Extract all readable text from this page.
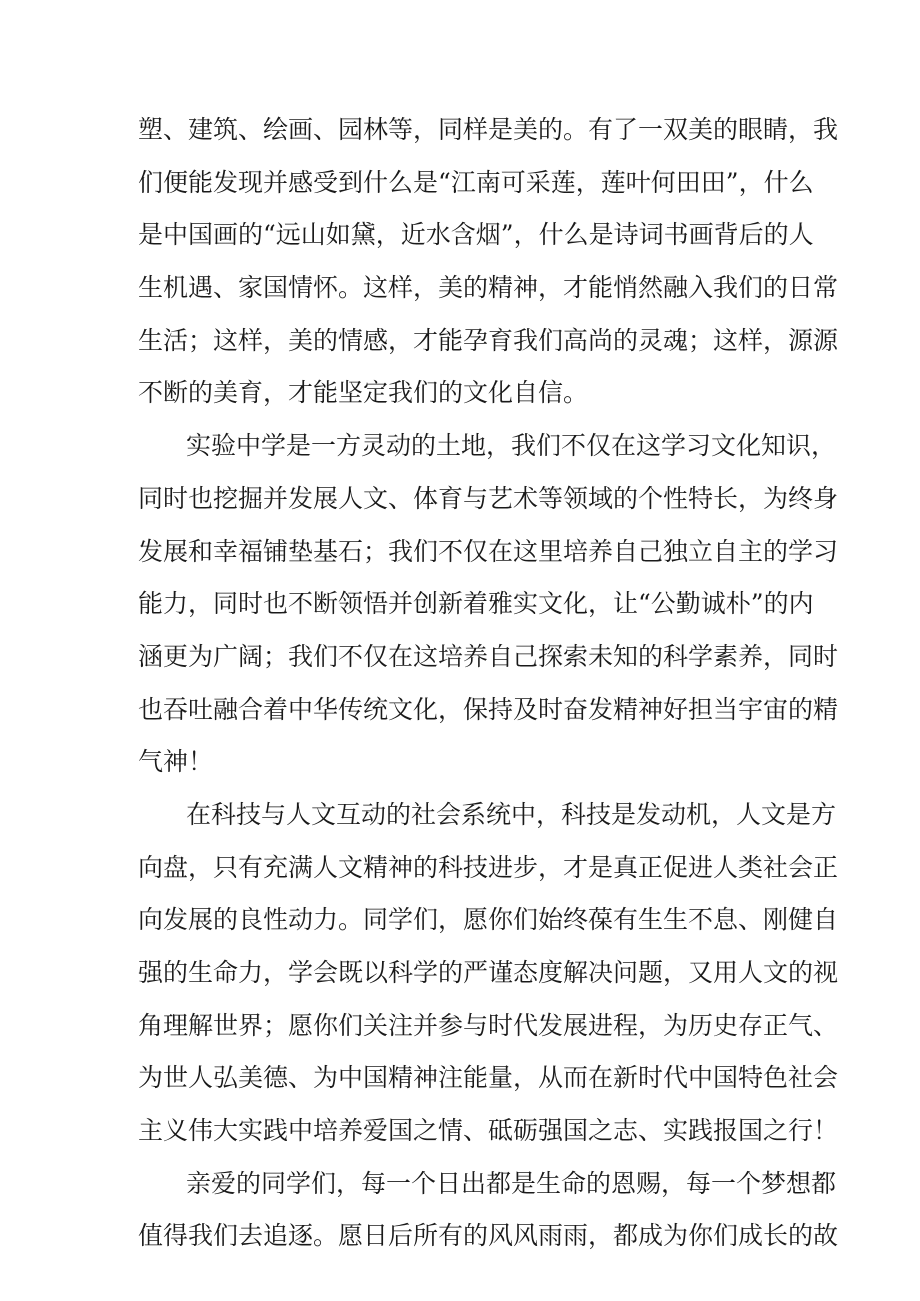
塑、建筑、绘画、园林等，同样是美的。有了一双美的眼睛，我
们便能发现并感受到什么是“江南可采莲，莲叶何田田”，什么
是中国画的“远山如黛，近水含烟”，什么是诗词书画背后的人
生机遇、家国情怀。这样，美的精神，才能悄然融入我们的日常
生活；这样，美的情感，才能孕育我们高尚的灵魂；这样，源源
不断的美育，才能坚定我们的文化自信。
实验中学是一方灵动的土地，我们不仅在这学习文化知识，
同时也挖掘并发展人文、体育与艺术等领域的个性特长，为终身
发展和幸福铺垫基石；我们不仅在这里培养自己独立自主的学习
能力，同时也不断领悟并创新着雅实文化，让“公勤诚朴”的内
涵更为广阔；我们不仅在这培养自己探索未知的科学素养，同时
也吞吐融合着中华传统文化，保持及时奋发精神好担当宇宙的精
气神！
在科技与人文互动的社会系统中，科技是发动机，人文是方
向盘，只有充满人文精神的科技进步，才是真正促进人类社会正
向发展的良性动力。同学们，愿你们始终葆有生生不息、刚健自
强的生命力，学会既以科学的严谨态度解决问题，又用人文的视
角理解世界；愿你们关注并参与时代发展进程，为历史存正气、
为世人弘美德、为中国精神注能量，从而在新时代中国特色社会
主义伟大实践中培养爱国之情、砥砺强国之志、实践报国之行！
亲爱的同学们，每一个日出都是生命的恩赐，每一个梦想都
值得我们去追逐。愿日后所有的风风雨雨，都成为你们成长的故
